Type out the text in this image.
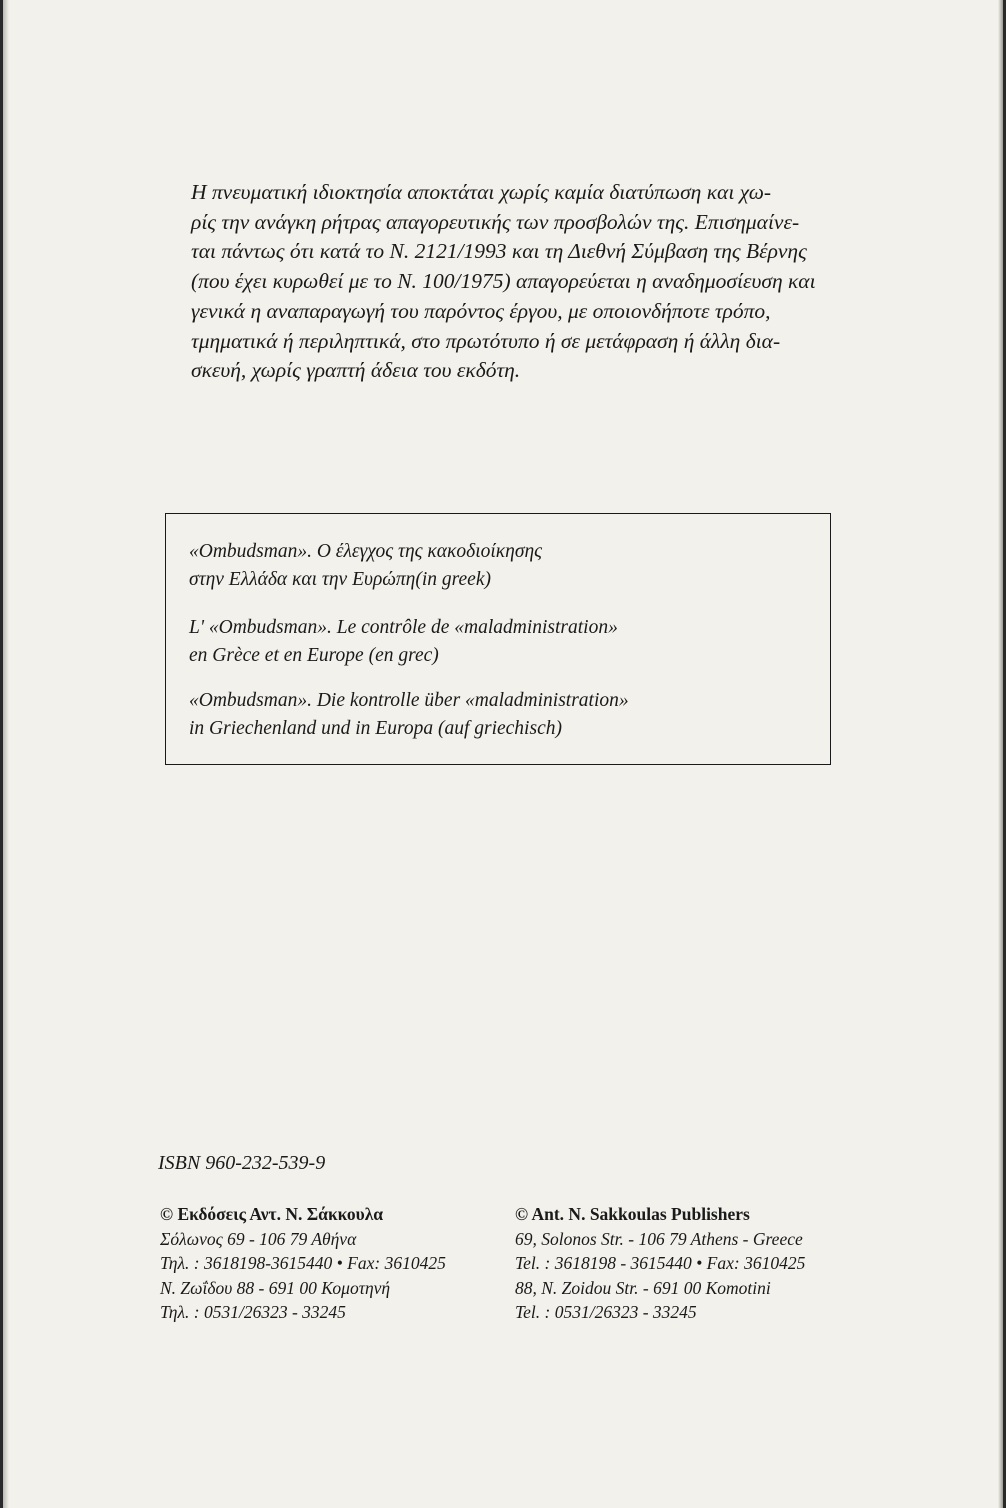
Η πνευματική ιδιοκτησία αποκτάται χωρίς καμία διατύπωση και χω-

ρίς την ανάγκη ρήτρας απαγορευτικής των προσβολών της. Επισημαίνε-

ται πάντως ότι κατά το Ν. 2121/1993 και τη Διεθνή Σύμβαση της Βέρνης

(που έχει κυρωθεί με το Ν. 100/1975) απαγορεύεται η αναδημοσίευση και

γενικά η αναπαραγωγή του παρόντος έργου, με οποιονδήποτε τρόπο,

τμηματικά ή περιληπτικά, στο πρωτότυπο ή σε μετάφραση ή άλλη δια-

σκευή, χωρίς γραπτή άδεια του εκδότη.

«Ombudsman». Ο έλεγχος της κακοδιοίκησης
στην Ελλάδα και την Ευρώπη(in greek)
L' «Ombudsman». Le contrôle de «maladministration»
en Grèce et en Europe (en grec)
«Ombudsman». Die kontrolle über «maladministration»
in Griechenland und in Europa (auf griechisch)
ISBN 960-232-539-9
© Εκδόσεις Αντ. Ν. Σάκκουλα
Σόλωνος 69 - 106 79 Αθήνα
Τηλ. : 3618198-3615440 • Fax: 3610425
Ν. Ζωΐδου 88 - 691 00 Κομοτηνή
Τηλ. : 0531/26323 - 33245
© Ant. N. Sakkoulas Publishers
69, Solonos Str. - 106 79 Athens - Greece
Tel. : 3618198 - 3615440 • Fax: 3610425
88, N. Zoidou Str. - 691 00 Komotini
Tel. : 0531/26323 - 33245
